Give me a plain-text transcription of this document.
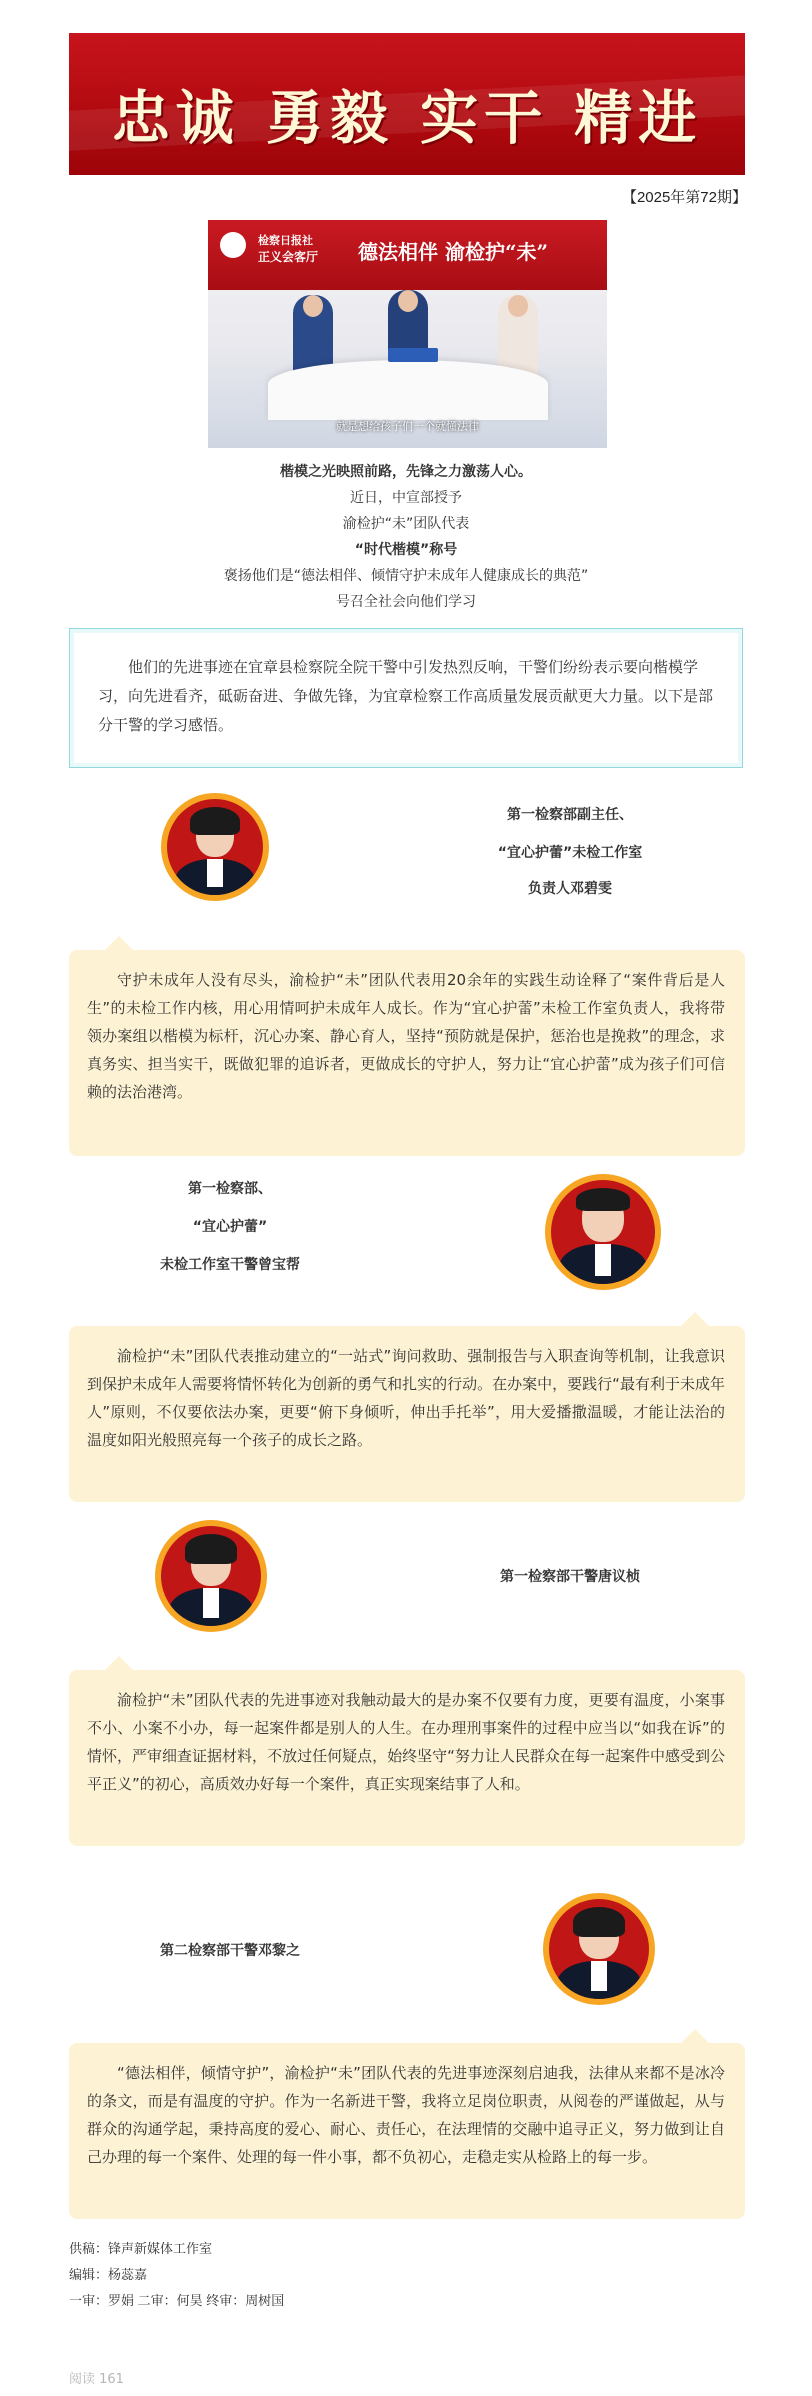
忠诚 勇毅 实干 精进
【2025年第72期】
检察日报社
正义会客厅 德法相伴 渝检护“未”
就是想给孩子们一个就懂法律
楷模之光映照前路，先锋之力激荡人心。
近日，中宣部授予
渝检护“未”团队代表
“时代楷模”称号
褒扬他们是“德法相伴、倾情守护未成年人健康成长的典范”
号召全社会向他们学习
他们的先进事迹在宜章县检察院全院干警中引发热烈反响，干警们纷纷表示要向楷模学习，向先进看齐，砥砺奋进、争做先锋，为宜章检察工作高质量发展贡献更大力量。以下是部分干警的学习感悟。
第一检察部副主任、
“宜心护蕾”未检工作室
负责人邓碧雯
守护未成年人没有尽头，渝检护“未”团队代表用20余年的实践生动诠释了“案件背后是人生”的未检工作内核，用心用情呵护未成年人成长。作为“宜心护蕾”未检工作室负责人，我将带领办案组以楷模为标杆，沉心办案、静心育人，坚持“预防就是保护，惩治也是挽救”的理念，求真务实、担当实干，既做犯罪的追诉者，更做成长的守护人，努力让“宜心护蕾”成为孩子们可信赖的法治港湾。
第一检察部、
“宜心护蕾”
未检工作室干警曾宝帮
渝检护“未”团队代表推动建立的“一站式”询问救助、强制报告与入职查询等机制，让我意识到保护未成年人需要将情怀转化为创新的勇气和扎实的行动。在办案中，要践行“最有利于未成年人”原则，不仅要依法办案，更要“俯下身倾听，伸出手托举”，用大爱播撒温暖，才能让法治的温度如阳光般照亮每一个孩子的成长之路。
第一检察部干警唐议桢
渝检护“未”团队代表的先进事迹对我触动最大的是办案不仅要有力度，更要有温度，小案事不小、小案不小办，每一起案件都是别人的人生。在办理刑事案件的过程中应当以“如我在诉”的情怀，严审细查证据材料，不放过任何疑点，始终坚守“努力让人民群众在每一起案件中感受到公平正义”的初心，高质效办好每一个案件，真正实现案结事了人和。
第二检察部干警邓黎之
“德法相伴，倾情守护”，渝检护“未”团队代表的先进事迹深刻启迪我，法律从来都不是冰冷的条文，而是有温度的守护。作为一名新进干警，我将立足岗位职责，从阅卷的严谨做起，从与群众的沟通学起，秉持高度的爱心、耐心、责任心，在法理情的交融中追寻正义，努力做到让自己办理的每一个案件、处理的每一件小事，都不负初心，走稳走实从检路上的每一步。
供稿：锋声新媒体工作室
编辑：杨蕊嘉
一审：罗娟 二审：何昊 终审：周树国
阅读 161
